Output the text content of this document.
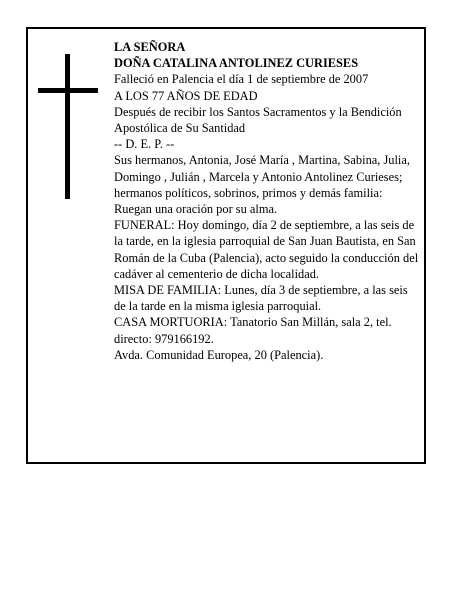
LA SEÑORA

DOÑA CATALINA ANTOLINEZ CURIESES

Falleció en Palencia el día 1 de septiembre de 2007

A LOS 77 AÑOS DE EDAD

Después de recibir los Santos Sacramentos y la Bendición Apostólica de Su Santidad

-- D. E. P. --

Sus hermanos, Antonia, José María , Martina, Sabina, Julia, Domingo , Julián , Marcela y Antonio Antolinez Curieses; hermanos políticos, sobrinos, primos y demás familia:

Ruegan una oración por su alma.

FUNERAL: Hoy domingo, día 2 de septiembre, a las seis de la tarde, en la iglesia parroquial de San Juan Bautista, en San Román de la Cuba (Palencia), acto seguido la conducción del cadáver al cementerio de dicha localidad.

MISA DE FAMILIA: Lunes, día 3 de septiembre, a las seis de la tarde en la misma iglesia parroquial.

CASA MORTUORIA: Tanatorio San Millán, sala 2, tel. directo: 979166192.

Avda. Comunidad Europea, 20 (Palencia).
